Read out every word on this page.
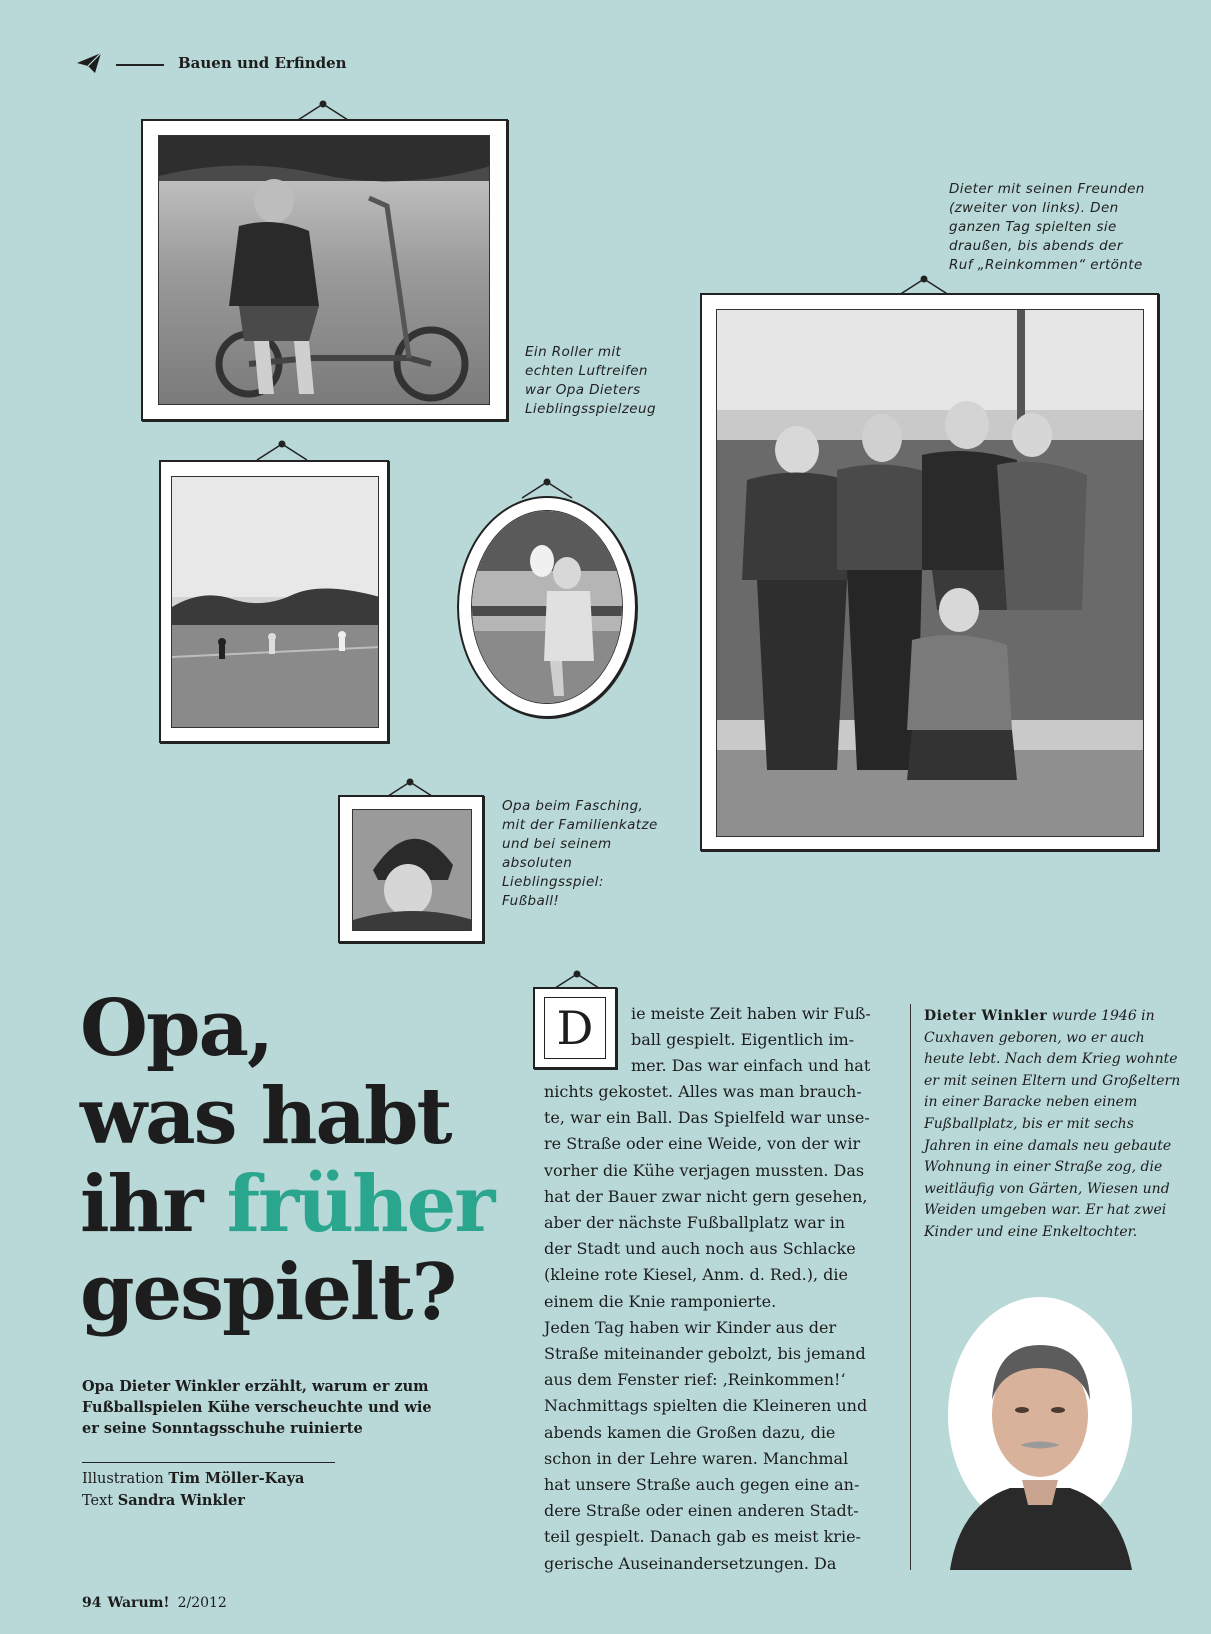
Bauen und Erfinden
Ein Roller mit
echten Luftreifen
war Opa Dieters
Lieblingsspielzeug
Opa beim Fasching,
mit der Familienkatze
und bei seinem
absoluten
Lieblingsspiel:
Fußball!
Dieter mit seinen Freunden
(zweiter von links). Den
ganzen Tag spielten sie
draußen, bis abends der
Ruf „Reinkommen“ ertönte
Opa,
was habt
ihr früher
gespielt?
Opa Dieter Winkler erzählt, warum er zum Fußballspielen Kühe verscheuchte und wie er seine Sonntagsschuhe ruinierte
Illustration Tim Möller-Kaya
Text Sandra Winkler
D	ie meiste Zeit haben wir Fuß-
ball gespielt. Eigentlich im-
mer. Das war einfach und hat
nichts gekostet. Alles was man brauch-
te, war ein Ball. Das Spielfeld war unse-
re Straße oder eine Weide, von der wir
vorher die Kühe verjagen mussten. Das
hat der Bauer zwar nicht gern gesehen,
aber der nächste Fußballplatz war in
der Stadt und auch noch aus Schlacke
(kleine rote Kiesel, Anm. d. Red.), die
einem die Knie ramponierte.
Jeden Tag haben wir Kinder aus der
Straße miteinander gebolzt, bis jemand
aus dem Fenster rief: ‚Reinkommen!‘
Nachmittags spielten die Kleineren und
abends kamen die Großen dazu, die
schon in der Lehre waren. Manchmal
hat unsere Straße auch gegen eine an-
dere Straße oder einen anderen Stadt-
teil gespielt. Danach gab es meist krie-
gerische Auseinandersetzungen. Da
Dieter Winkler wurde 1946 in
Cuxhaven geboren, wo er auch
heute lebt. Nach dem Krieg wohnte
er mit seinen Eltern und Großeltern
in einer Baracke neben einem
Fußballplatz, bis er mit sechs
Jahren in eine damals neu gebaute
Wohnung in einer Straße zog, die
weitläufig von Gärten, Wiesen und
Weiden umgeben war. Er hat zwei
Kinder und eine Enkeltochter.
94 Warum! 2/2012
